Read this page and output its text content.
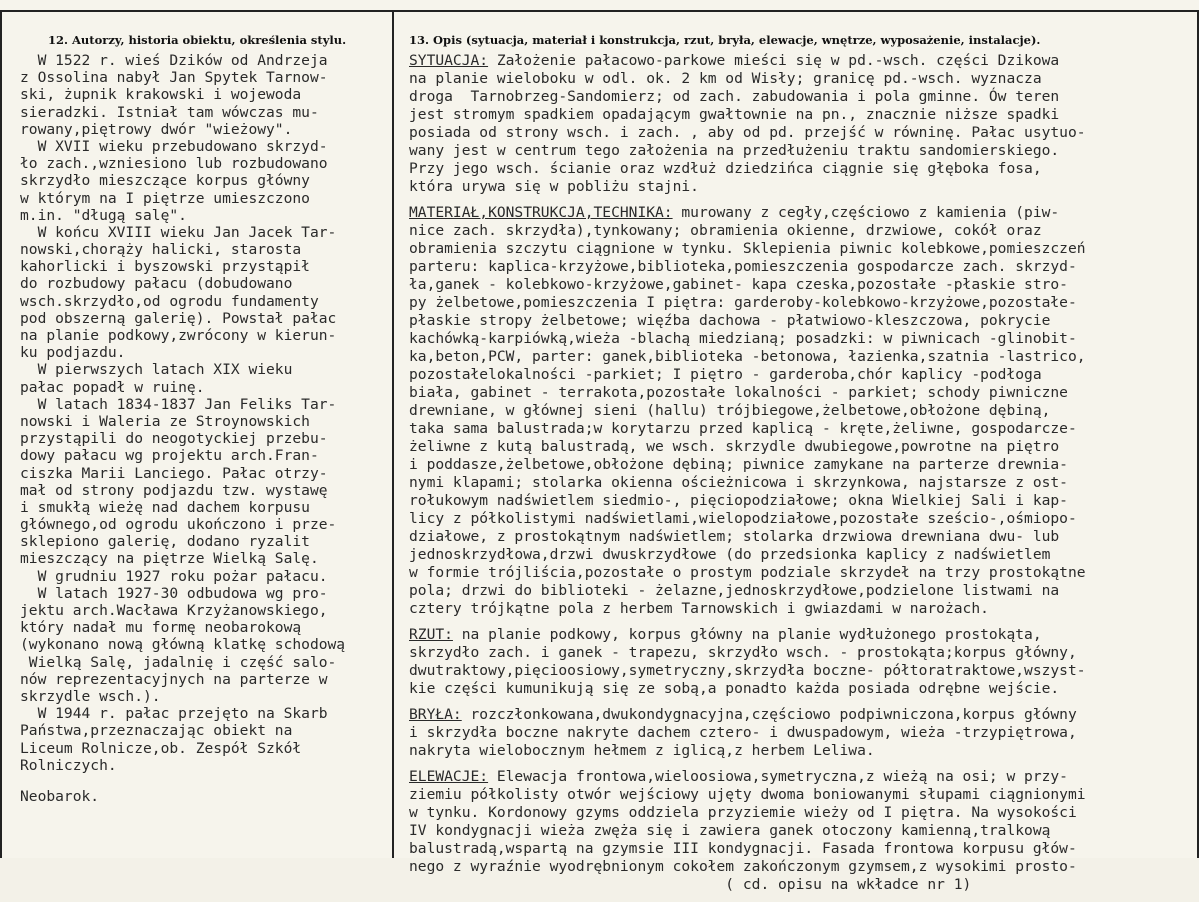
12. Autorzy, historia obiektu, określenia stylu.	13. Opis (sytuacja, materiał i konstrukcja, rzut, bryła, elewacje, wnętrze, wyposażenie, instalacje).
W 1522 r. wieś Dzików od Andrzeja
z Ossolina nabył Jan Spytek Tarnow-
ski, żupnik krakowski i wojewoda
sieradzki. Istniał tam wówczas mu-
rowany,piętrowy dwór "wieżowy".
W XVII wieku przebudowano skrzyd-
ło zach.,wzniesiono lub rozbudowano
skrzydło mieszczące korpus główny
w którym na I piętrze umieszczono
m.in. "długą salę".
W końcu XVIII wieku Jan Jacek Tar-
nowski,chorąży halicki, starosta
kahorlicki i byszowski przystąpił
do rozbudowy pałacu (dobudowano
wsch.skrzydło,od ogrodu fundamenty
pod obszerną galerię). Powstał pałac
na planie podkowy,zwrócony w kierun-
ku podjazdu.
W pierwszych latach XIX wieku
pałac popadł w ruinę.
W latach 1834-1837 Jan Feliks Tar-
nowski i Waleria ze Stroynowskich
przystąpili do neogotyckiej przebu-
dowy pałacu wg projektu arch.Fran-
ciszka Marii Lanciego. Pałac otrzy-
mał od strony podjazdu tzw. wystawę
i smukłą wieżę nad dachem korpusu
głównego,od ogrodu ukończono i prze-
sklepiono galerię, dodano ryzalit
mieszczący na piętrze Wielką Salę.
W grudniu 1927 roku pożar pałacu.
W latach 1927-30 odbudowa wg pro-
jektu arch.Wacława Krzyżanowskiego,
który nadał mu formę neobarokową
(wykonano nową główną klatkę schodową
Wielką Salę, jadalnię i część salo-
nów reprezentacyjnych na parterze w
skrzydle wsch.).
W 1944 r. pałac przejęto na Skarb
Państwa,przeznaczając obiekt na
Liceum Rolnicze,ob. Zespół Szkół
Rolniczych.
Neobarok.
SYTUACJA: Założenie pałacowo-parkowe mieści się w pd.-wsch. części Dzikowa
na planie wieloboku w odl. ok. 2 km od Wisły; granicę pd.-wsch. wyznacza
droga  Tarnobrzeg-Sandomierz; od zach. zabudowania i pola gminne. Ów teren
jest stromym spadkiem opadającym gwałtownie na pn., znacznie niższe spadki
posiada od strony wsch. i zach. , aby od pd. przejść w równinę. Pałac usytuo-
wany jest w centrum tego założenia na przedłużeniu traktu sandomierskiego.
Przy jego wsch. ścianie oraz wzdłuż dziedzińca ciągnie się głęboka fosa,
która urywa się w pobliżu stajni.
MATERIAŁ,KONSTRUKCJA,TECHNIKA: murowany z cegły,częściowo z kamienia (piw-
nice zach. skrzydła),tynkowany; obramienia okienne, drzwiowe, cokół oraz
obramienia szczytu ciągnione w tynku. Sklepienia piwnic kolebkowe,pomieszczeń
parteru: kaplica-krzyżowe,biblioteka,pomieszczenia gospodarcze zach. skrzyd-
ła,ganek - kolebkowo-krzyżowe,gabinet- kapa czeska,pozostałe -płaskie stro-
py żelbetowe,pomieszczenia I piętra: garderoby-kolebkowo-krzyżowe,pozostałe-
płaskie stropy żelbetowe; więźba dachowa - płatwiowo-kleszczowa, pokrycie
kachówką-karpiówką,wieża -blachą miedzianą; posadzki: w piwnicach -glinobit-
ka,beton,PCW, parter: ganek,biblioteka -betonowa, łazienka,szatnia -lastrico,
pozostałelokalności -parkiet; I piętro - garderoba,chór kaplicy -podłoga
biała, gabinet - terrakota,pozostałe lokalności - parkiet; schody piwniczne
drewniane, w głównej sieni (hallu) trójbiegowe,żelbetowe,obłożone dębiną,
taka sama balustrada;w korytarzu przed kaplicą - kręte,żeliwne, gospodarcze-
żeliwne z kutą balustradą, we wsch. skrzydle dwubiegowe,powrotne na piętro
i poddasze,żelbetowe,obłożone dębiną; piwnice zamykane na parterze drewnia-
nymi klapami; stolarka okienna ościeżnicowa i skrzynkowa, najstarsze z ost-
rołukowym nadświetlem siedmio-, pięciopodziałowe; okna Wielkiej Sali i kap-
licy z półkolistymi nadświetlami,wielopodziałowe,pozostałe sześcio-,ośmiopo-
działowe, z prostokątnym nadświetlem; stolarka drzwiowa drewniana dwu- lub
jednoskrzydłowa,drzwi dwuskrzydłowe (do przedsionka kaplicy z nadświetlem
w formie trójliścia,pozostałe o prostym podziale skrzydeł na trzy prostokątne
pola; drzwi do biblioteki - żelazne,jednoskrzydłowe,podzielone listwami na
cztery trójkątne pola z herbem Tarnowskich i gwiazdami w narożach.
RZUT: na planie podkowy, korpus główny na planie wydłużonego prostokąta,
skrzydło zach. i ganek - trapezu, skrzydło wsch. - prostokąta;korpus główny,
dwutraktowy,pięcioosiowy,symetryczny,skrzydła boczne- półtoratraktowe,wszyst-
kie części kumunikują się ze sobą,a ponadto każda posiada odrębne wejście.
BRYŁA: rozczłonkowana,dwukondygnacyjna,częściowo podpiwniczona,korpus główny
i skrzydła boczne nakryte dachem cztero- i dwuspadowym, wieża -trzypiętrowa,
nakryta wielobocznym hełmem z iglicą,z herbem Leliwa.
ELEWACJE: Elewacja frontowa,wieloosiowa,symetryczna,z wieżą na osi; w przy-
ziemiu półkolisty otwór wejściowy ujęty dwoma boniowanymi słupami ciągnionymi
w tynku. Kordonowy gzyms oddziela przyziemie wieży od I piętra. Na wysokości
IV kondygnacji wieża zwęża się i zawiera ganek otoczony kamienną,tralkową
balustradą,wspartą na gzymsie III kondygnacji. Fasada frontowa korpusu głów-
nego z wyraźnie wyodrębnionym cokołem zakończonym gzymsem,z wysokimi prosto-
( cd. opisu na wkładce nr 1)
